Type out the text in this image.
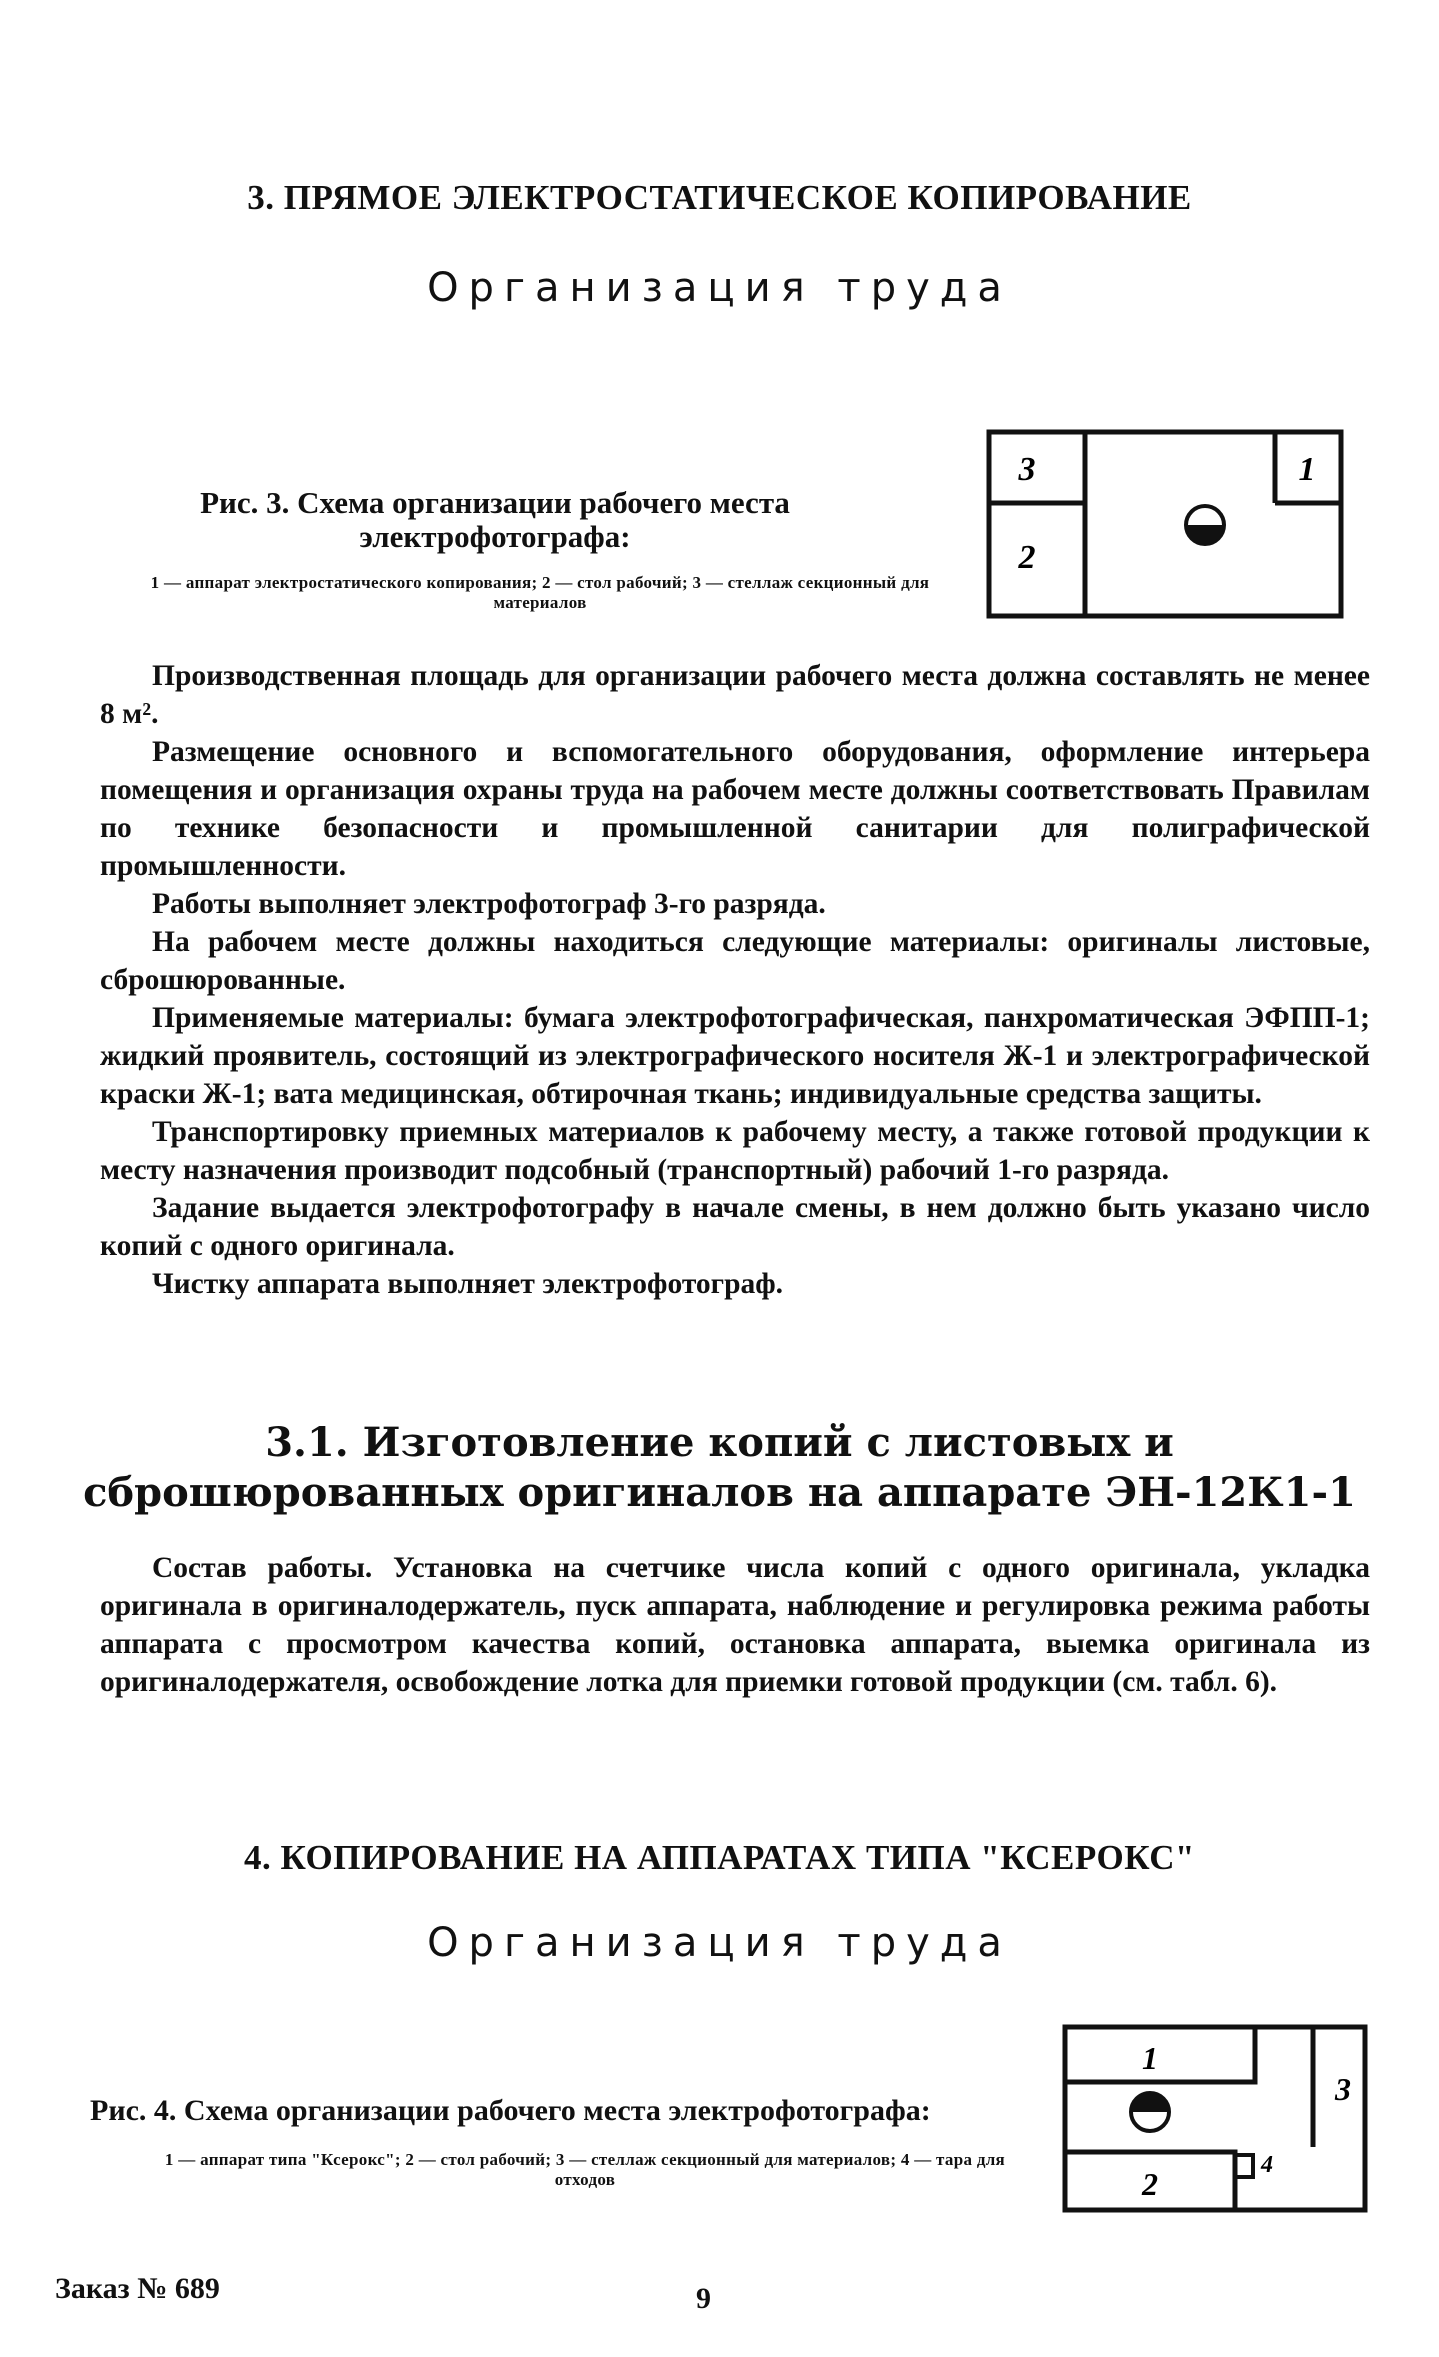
3. ПРЯМОЕ ЭЛЕКТРОСТАТИЧЕСКОЕ КОПИРОВАНИЕ
Организация труда
Рис. 3. Схема организации рабочего места электрофотографа:
1 — аппарат электростатического копирования; 2 — стол рабочий; 3 — стеллаж секционный для материалов
3	1
2

Производственная площадь для организации рабочего места должна составлять не менее 8 м².

Размещение основного и вспомогательного оборудования, оформление интерьера помещения и организация охраны труда на рабочем месте должны соответствовать Правилам по технике безопасности и промышленной санитарии для полиграфической промышленности.

Работы выполняет электрофотограф 3-го разряда.

На рабочем месте должны находиться следующие материалы: оригиналы листовые, сброшюрованные.

Применяемые материалы: бумага электрофотографическая, панхроматическая ЭФПП-1; жидкий проявитель, состоящий из электрографического носителя Ж-1 и электрографической краски Ж-1; вата медицинская, обтирочная ткань; индивидуальные средства защиты.

Транспортировку приемных материалов к рабочему месту, а также готовой продукции к месту назначения производит подсобный (транспортный) рабочий 1-го разряда.

Задание выдается электрофотографу в начале смены, в нем должно быть указано число копий с одного оригинала.

Чистку аппарата выполняет электрофотограф.

3.1. Изготовление копий с листовых и
сброшюрованных оригиналов на аппарате ЭН-12К1-1

Состав работы. Установка на счетчике числа копий с одного оригинала, укладка оригинала в оригиналодержатель, пуск аппарата, наблюдение и регулировка режима работы аппарата с просмотром качества копий, остановка аппарата, выемка оригинала из оригиналодержателя, освобождение лотка для приемки готовой продукции (см. табл. 6).

4. КОПИРОВАНИЕ НА АППАРАТАХ ТИПА "КСЕРОКС"
Организация труда
Рис. 4. Схема организации рабочего места электрофотографа:
1 — аппарат типа "Ксерокс"; 2 — стол рабочий; 3 — стеллаж секционный для материалов; 4 — тара для отходов
1
3
2
4
Заказ № 689	9
